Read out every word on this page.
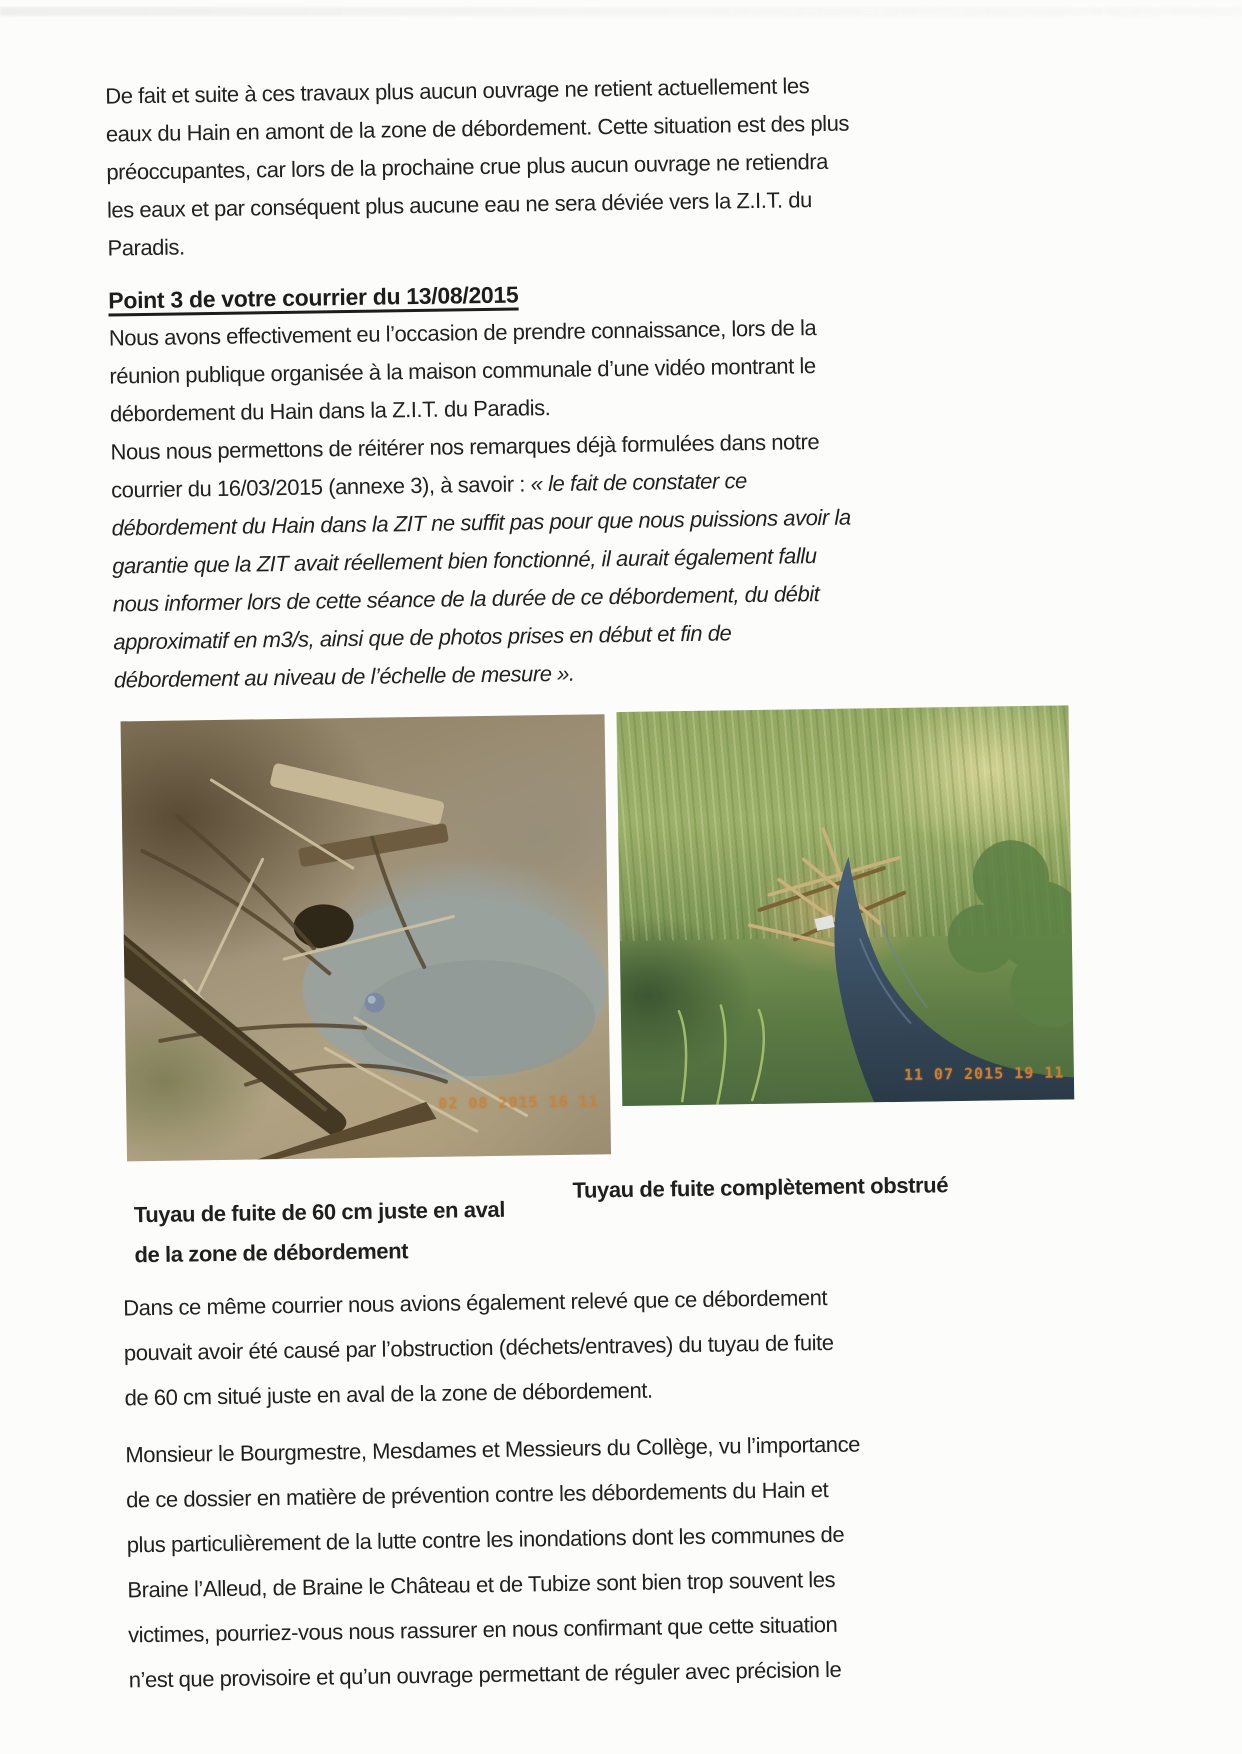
De fait et suite à ces travaux plus aucun ouvrage ne retient actuellement les
eaux du Hain en amont de la zone de débordement. Cette situation est des plus
préoccupantes, car lors de la prochaine crue plus aucun ouvrage ne retiendra
les eaux et par conséquent plus aucune eau ne sera déviée vers la Z.I.T. du
Paradis.

Point 3 de votre courrier du 13/08/2015

Nous avons effectivement eu l’occasion de prendre connaissance, lors de la
réunion publique organisée à la maison communale d’une vidéo montrant le
débordement du Hain dans la Z.I.T. du Paradis.

Nous nous permettons de réitérer nos remarques déjà formulées dans notre
courrier du 16/03/2015 (annexe 3), à savoir : « le fait de constater ce
débordement du Hain dans la ZIT ne suffit pas pour que nous puissions avoir la
garantie que la ZIT avait réellement bien fonctionné, il aurait également fallu
nous informer lors de cette séance de la durée de ce débordement, du débit
approximatif en m3/s, ainsi que de photos prises en début et fin de
débordement au niveau de l’échelle de mesure ».

02 08 2015 16 11
11 07 2015 19 11

Tuyau de fuite de 60 cm juste en aval
de la zone de débordement

Tuyau de fuite complètement obstrué

Dans ce même courrier nous avions également relevé que ce débordement
pouvait avoir été causé par l’obstruction (déchets/entraves) du tuyau de fuite
de 60 cm situé juste en aval de la zone de débordement.

Monsieur le Bourgmestre, Mesdames et Messieurs du Collège, vu l’importance
de ce dossier en matière de prévention contre les débordements du Hain et
plus particulièrement de la lutte contre les inondations dont les communes de
Braine l’Alleud, de Braine le Château et de Tubize sont bien trop souvent les
victimes, pourriez-vous nous rassurer en nous confirmant que cette situation
n’est que provisoire et qu’un ouvrage permettant de réguler avec précision le
